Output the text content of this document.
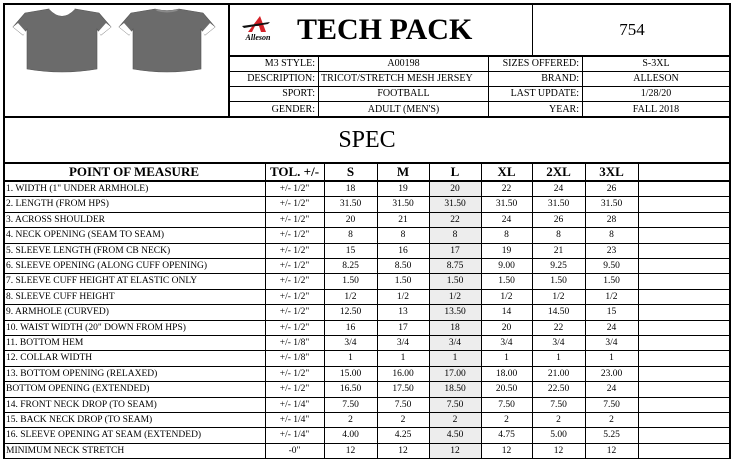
Alleson TECH PACK	754
M3 STYLE:	A00198
DESCRIPTION: TRICOT/STRETCH MESH JERSEY
SPORT:	FOOTBALL
GENDER:	ADULT (MEN'S)
SIZES OFFERED:	S-3XL
BRAND:	ALLESON
LAST UPDATE:	1/28/20
YEAR:	FALL 2018
SPEC
POINT OF MEASURE	TOL. +/-	S	M	L	XL	2XL	3XL
1. WIDTH (1" UNDER ARMHOLE)	+/- 1/2"	18	19	20	22	24	26
2. LENGTH (FROM HPS)	+/- 1/2"	31.50	31.50	31.50	31.50	31.50	31.50
3. ACROSS SHOULDER	+/- 1/2"	20	21	22	24	26	28
4. NECK OPENING (SEAM TO SEAM)	+/- 1/2"	8	8	8	8	8	8
5. SLEEVE LENGTH (FROM CB NECK)	+/- 1/2"	15	16	17	19	21	23
6. SLEEVE OPENING (ALONG CUFF OPENING)	+/- 1/2"	8.25	8.50	8.75	9.00	9.25	9.50
7. SLEEVE CUFF HEIGHT AT ELASTIC ONLY	+/- 1/2"	1.50	1.50	1.50	1.50	1.50	1.50
8. SLEEVE CUFF HEIGHT	+/- 1/2"	1/2	1/2	1/2	1/2	1/2	1/2
9. ARMHOLE (CURVED)	+/- 1/2"	12.50	13	13.50	14	14.50	15
10. WAIST WIDTH (20" DOWN FROM HPS)	+/- 1/2"	16	17	18	20	22	24
11. BOTTOM HEM	+/- 1/8"	3/4	3/4	3/4	3/4	3/4	3/4
12. COLLAR WIDTH	+/- 1/8"	1	1	1	1	1	1
13. BOTTOM OPENING (RELAXED)	+/- 1/2"	15.00	16.00	17.00	18.00	21.00	23.00
BOTTOM OPENING (EXTENDED)	+/- 1/2"	16.50	17.50	18.50	20.50	22.50	24
14. FRONT NECK DROP (TO SEAM)	+/- 1/4"	7.50	7.50	7.50	7.50	7.50	7.50
15. BACK NECK DROP (TO SEAM)	+/- 1/4"	2	2	2	2	2	2
16. SLEEVE OPENING AT SEAM (EXTENDED)	+/- 1/4"	4.00	4.25	4.50	4.75	5.00	5.25
MINIMUM NECK STRETCH	-0"	12	12	12	12	12	12
